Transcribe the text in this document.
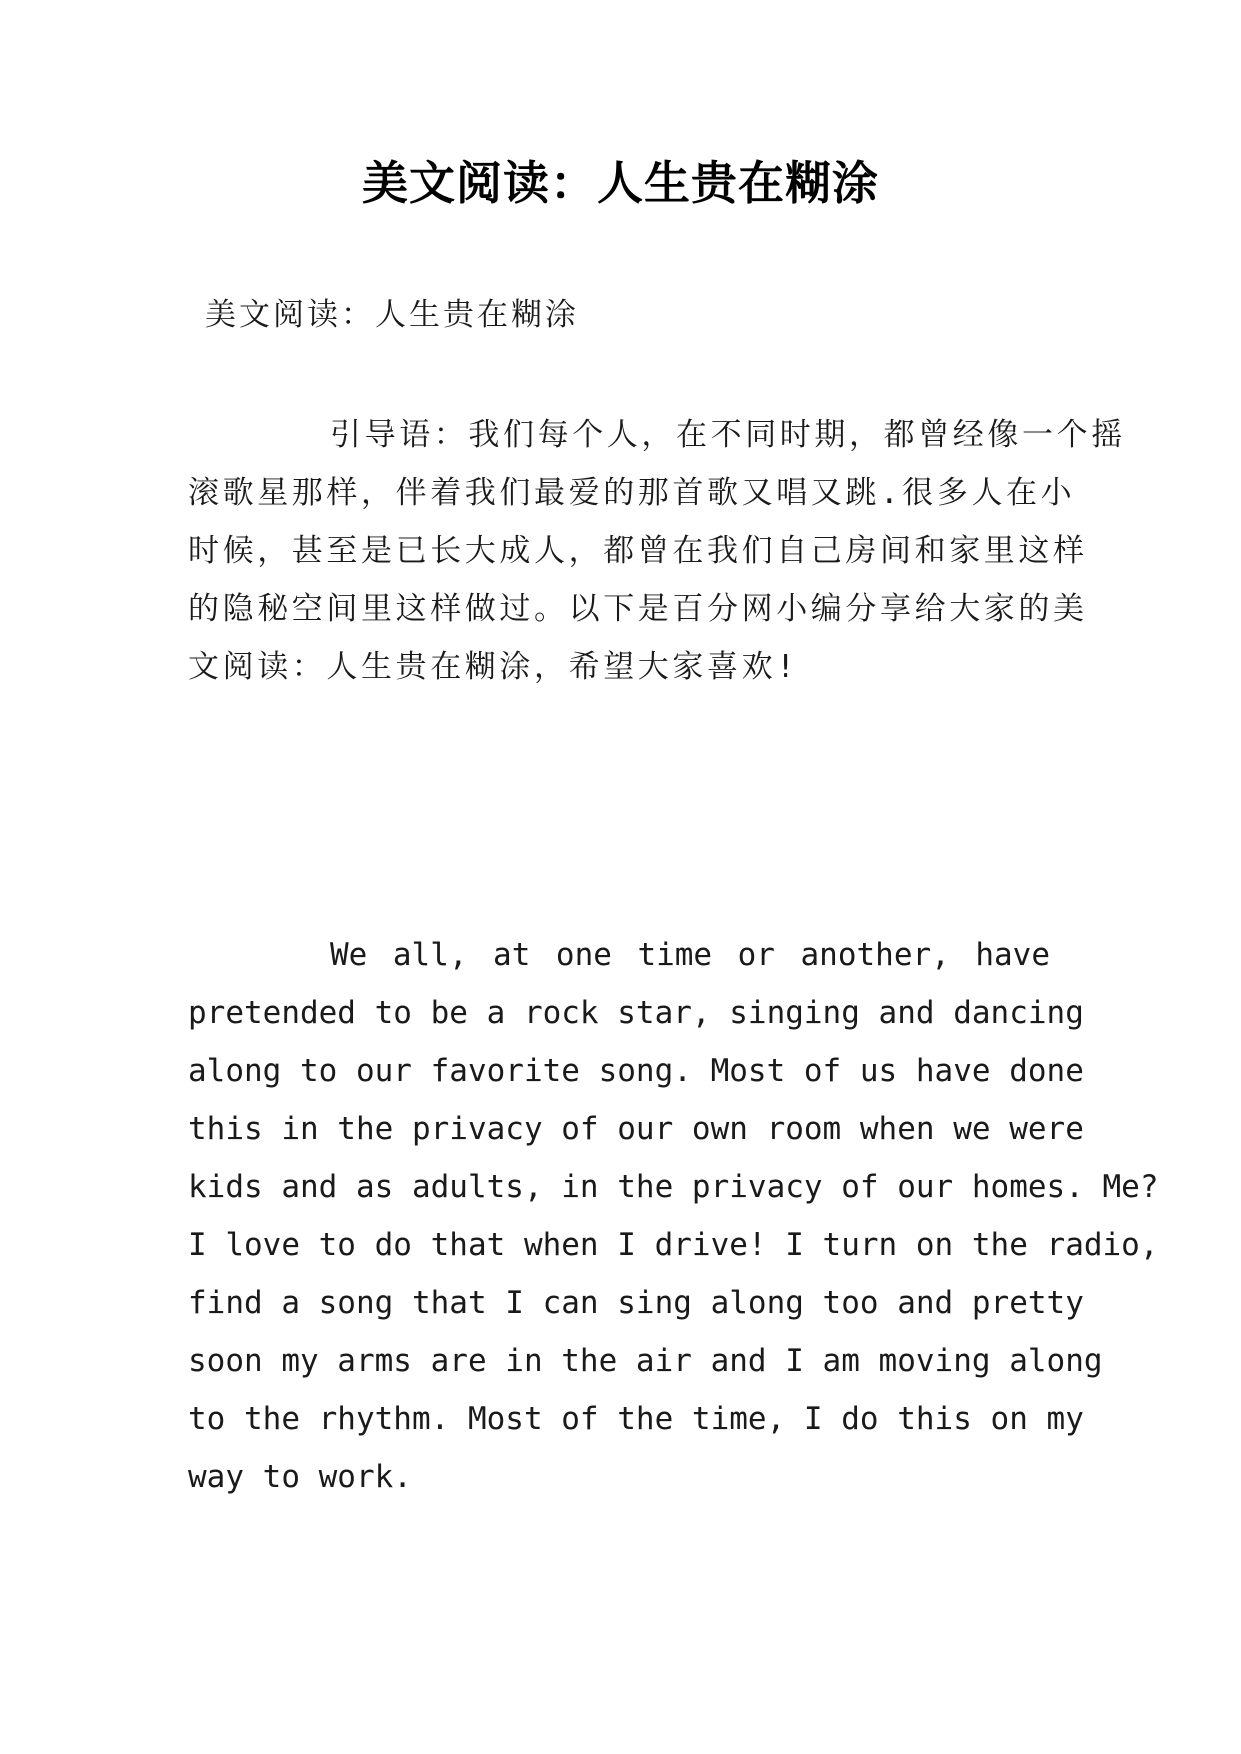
美文阅读：人生贵在糊涂
美文阅读：人生贵在糊涂
引导语：我们每个人，在不同时期，都曾经像一个摇
滚歌星那样，伴着我们最爱的那首歌又唱又跳.很多人在小
时候，甚至是已长大成人，都曾在我们自己房间和家里这样
的隐秘空间里这样做过。以下是百分网小编分享给大家的美
文阅读：人生贵在糊涂，希望大家喜欢!
We all, at one time or another, have
pretended to be a rock star, singing and dancing
along to our favorite song. Most of us have done
this in the privacy of our own room when we were
kids and as adults, in the privacy of our homes. Me?
I love to do that when I drive! I turn on the radio,
find a song that I can sing along too and pretty
soon my arms are in the air and I am moving along
to the rhythm. Most of the time, I do this on my
way to work.
